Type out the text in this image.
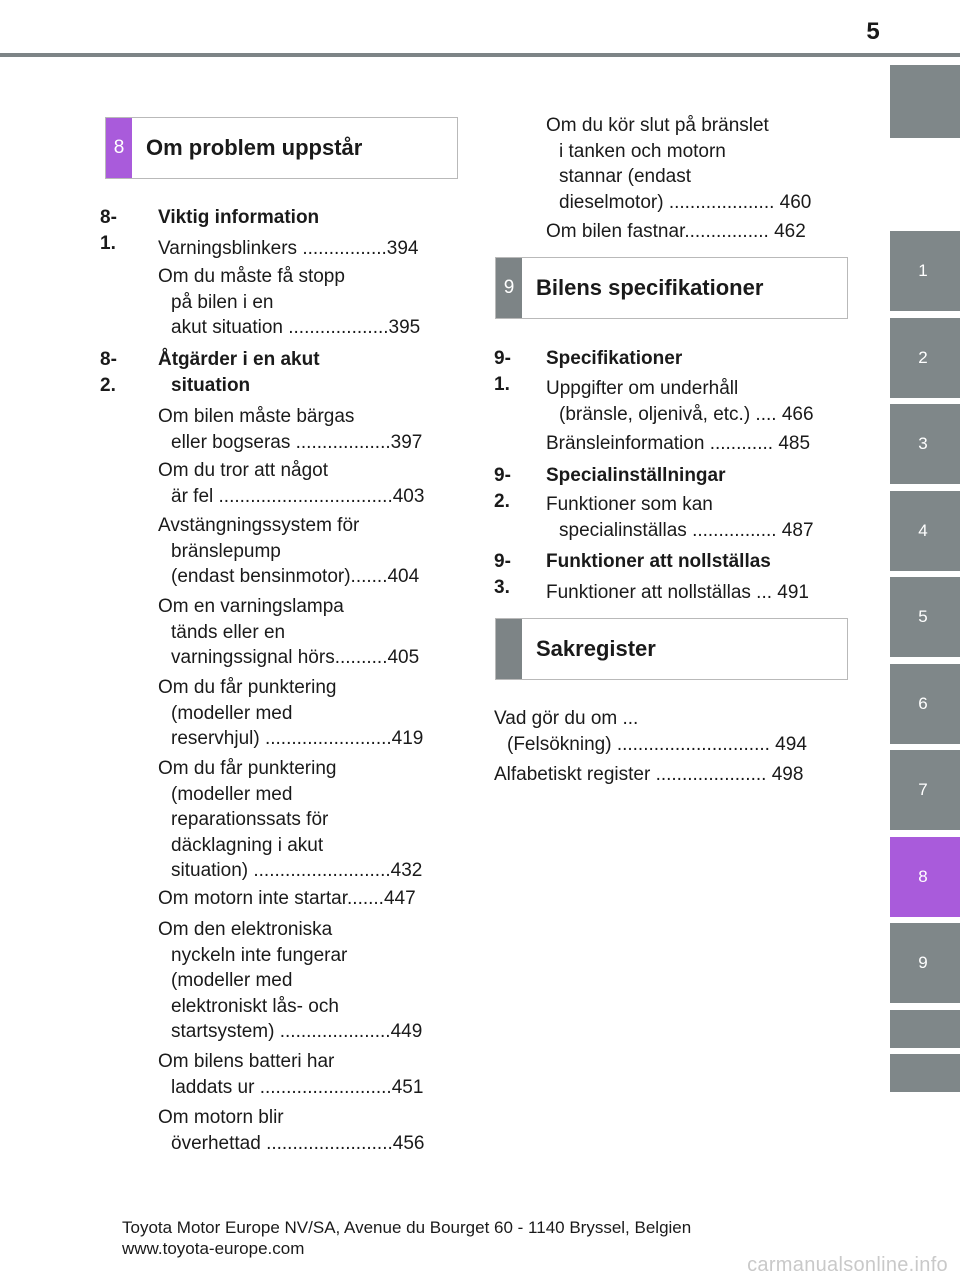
5
1
2
3
4
5
6
7
8
9
8 Om problem uppstår
8-1.
Viktig information
Varningsblinkers ................394
Om du måste få stopp
på bilen i en
akut situation ...................395
8-2.
Åtgärder i en akut
situation
Om bilen måste bärgas
eller bogseras ..................397
Om du tror att något
är fel .................................403
Avstängningssystem för
bränslepump
(endast bensinmotor).......404
Om en varningslampa
tänds eller en
varningssignal hörs..........405
Om du får punktering
(modeller med
reservhjul) ........................419
Om du får punktering
(modeller med
reparationssats för
däcklagning i akut
situation) ..........................432
Om motorn inte startar.......447
Om den elektroniska
nyckeln inte fungerar
(modeller med
elektroniskt lås- och
startsystem) .....................449
Om bilens batteri har
laddats ur .........................451
Om motorn blir
överhettad ........................456
Om du kör slut på bränslet
i tanken och motorn
stannar (endast
dieselmotor) .................... 460
Om bilen fastnar................ 462
9 Bilens specifikationer
9-1.
Specifikationer
Uppgifter om underhåll
(bränsle, oljenivå, etc.) .... 466
Bränsleinformation ............ 485
9-2.
Specialinställningar
Funktioner som kan
specialinställas ................ 487
9-3.
Funktioner att nollställas
Funktioner att nollställas ... 491
Sakregister
Vad gör du om ...
(Felsökning) ............................. 494
Alfabetiskt register ..................... 498
Toyota Motor Europe NV/SA, Avenue du Bourget 60 - 1140 Bryssel, Belgien
www.toyota-europe.com
carmanualsonline.info
